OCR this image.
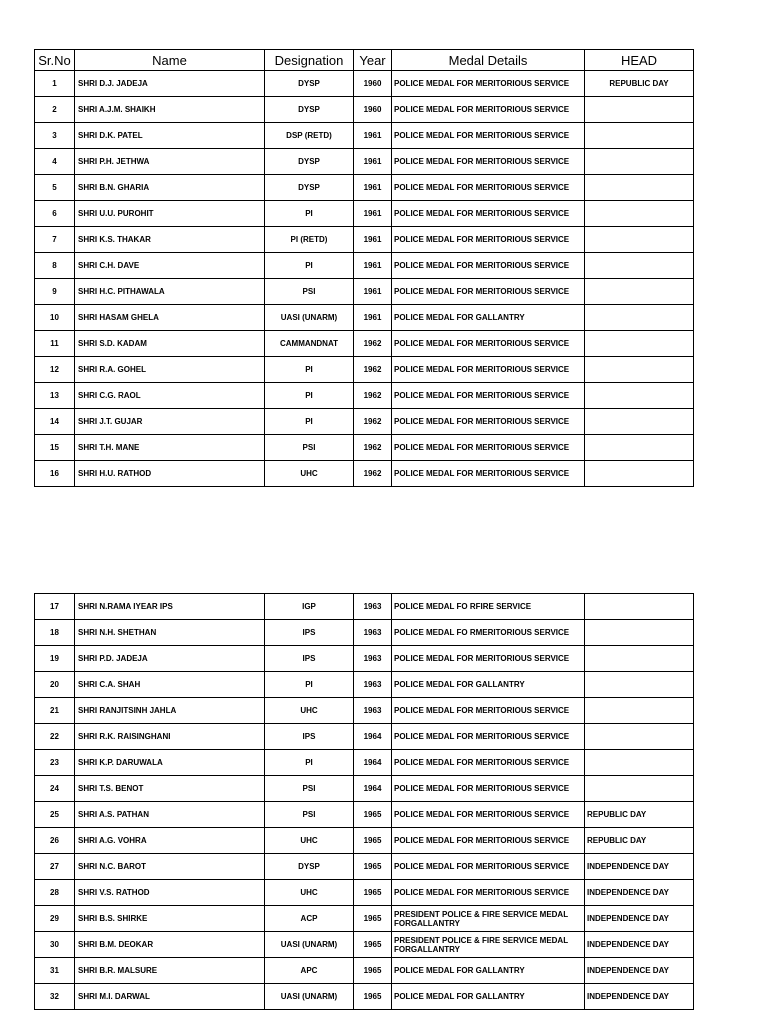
Sr.No	Name	Designation	Year	Medal Details	HEAD
1	SHRI D.J. JADEJA	DYSP	1960	POLICE MEDAL FOR MERITORIOUS SERVICE	REPUBLIC DAY
2	SHRI A.J.M. SHAIKH	DYSP	1960	POLICE MEDAL FOR MERITORIOUS SERVICE	
3	SHRI D.K. PATEL	DSP (RETD)	1961	POLICE MEDAL FOR MERITORIOUS SERVICE	
4	SHRI P.H. JETHWA	DYSP	1961	POLICE MEDAL FOR MERITORIOUS SERVICE	
5	SHRI B.N. GHARIA	DYSP	1961	POLICE MEDAL FOR MERITORIOUS SERVICE	
6	SHRI U.U. PUROHIT	PI	1961	POLICE MEDAL FOR MERITORIOUS SERVICE	
7	SHRI K.S. THAKAR	PI (RETD)	1961	POLICE MEDAL FOR MERITORIOUS SERVICE	
8	SHRI C.H. DAVE	PI	1961	POLICE MEDAL FOR MERITORIOUS SERVICE	
9	SHRI H.C. PITHAWALA	PSI	1961	POLICE MEDAL FOR MERITORIOUS SERVICE	
10	SHRI HASAM GHELA	UASI (UNARM)	1961	POLICE MEDAL FOR GALLANTRY	
11	SHRI S.D. KADAM	CAMMANDNAT	1962	POLICE MEDAL FOR MERITORIOUS SERVICE	
12	SHRI R.A. GOHEL	PI	1962	POLICE MEDAL FOR MERITORIOUS SERVICE	
13	SHRI C.G. RAOL	PI	1962	POLICE MEDAL FOR MERITORIOUS SERVICE	
14	SHRI J.T. GUJAR	PI	1962	POLICE MEDAL FOR MERITORIOUS SERVICE	
15	SHRI T.H. MANE	PSI	1962	POLICE MEDAL FOR MERITORIOUS SERVICE	
16	SHRI H.U. RATHOD	UHC	1962	POLICE MEDAL FOR MERITORIOUS SERVICE	
17	SHRI N.RAMA IYEAR IPS	IGP	1963	POLICE MEDAL FO RFIRE SERVICE	
18	SHRI N.H. SHETHAN	IPS	1963	POLICE MEDAL FO RMERITORIOUS SERVICE	
19	SHRI P.D. JADEJA	IPS	1963	POLICE MEDAL FOR MERITORIOUS SERVICE	
20	SHRI C.A. SHAH	PI	1963	POLICE MEDAL FOR GALLANTRY	
21	SHRI RANJITSINH JAHLA	UHC	1963	POLICE MEDAL FOR MERITORIOUS SERVICE	
22	SHRI R.K. RAISINGHANI	IPS	1964	POLICE MEDAL FOR MERITORIOUS SERVICE	
23	SHRI K.P. DARUWALA	PI	1964	POLICE MEDAL FOR MERITORIOUS SERVICE	
24	SHRI T.S. BENOT	PSI	1964	POLICE MEDAL FOR MERITORIOUS SERVICE	
25	SHRI A.S. PATHAN	PSI	1965	POLICE MEDAL FOR MERITORIOUS SERVICE	REPUBLIC DAY
26	SHRI A.G. VOHRA	UHC	1965	POLICE MEDAL FOR MERITORIOUS SERVICE	REPUBLIC DAY
27	SHRI N.C. BAROT	DYSP	1965	POLICE MEDAL FOR MERITORIOUS SERVICE	INDEPENDENCE DAY
28	SHRI V.S. RATHOD	UHC	1965	POLICE MEDAL FOR MERITORIOUS SERVICE	INDEPENDENCE DAY
29	SHRI B.S. SHIRKE	ACP	1965	PRESIDENT POLICE & FIRE SERVICE MEDAL FORGALLANTRY	INDEPENDENCE DAY
30	SHRI B.M. DEOKAR	UASI (UNARM)	1965	PRESIDENT POLICE & FIRE SERVICE MEDAL FORGALLANTRY	INDEPENDENCE DAY
31	SHRI B.R. MALSURE	APC	1965	POLICE MEDAL FOR GALLANTRY	INDEPENDENCE DAY
32	SHRI M.I. DARWAL	UASI (UNARM)	1965	POLICE MEDAL FOR GALLANTRY	INDEPENDENCE DAY
